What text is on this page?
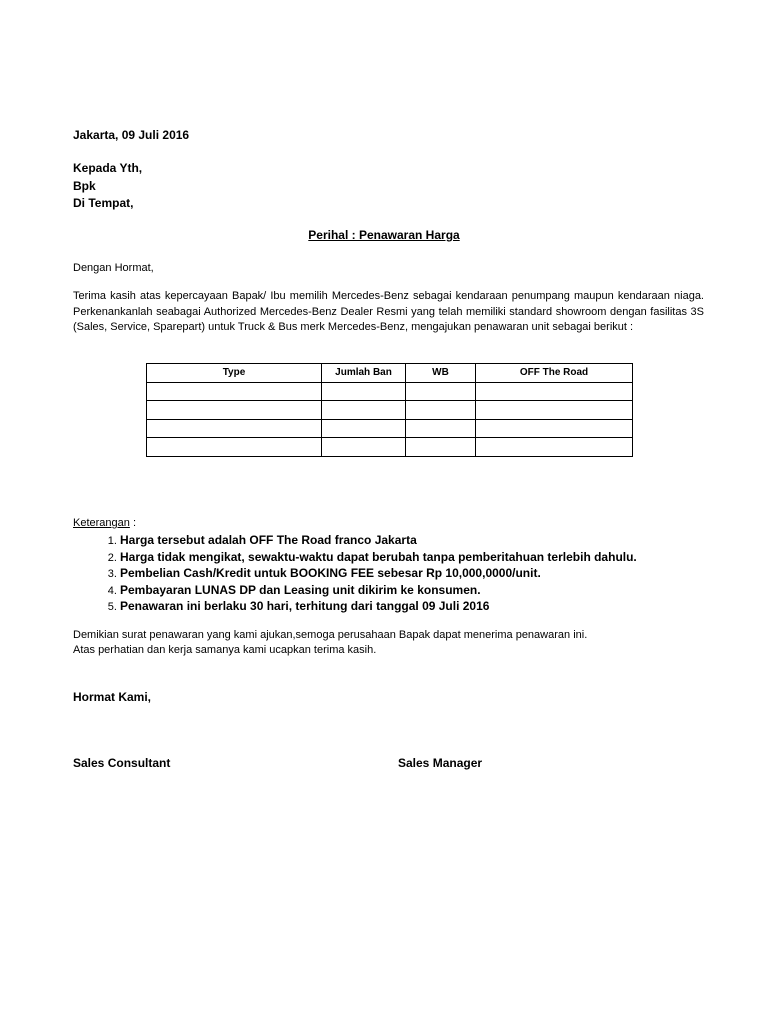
Jakarta, 09 Juli 2016
Kepada Yth,
Bpk
Di Tempat,
Perihal : Penawaran Harga
Dengan Hormat,
Terima kasih atas kepercayaan Bapak/ Ibu memilih Mercedes-Benz sebagai kendaraan penumpang maupun kendaraan niaga. Perkenankanlah seabagai Authorized Mercedes-Benz Dealer Resmi yang telah memiliki standard showroom dengan fasilitas 3S (Sales, Service, Sparepart) untuk Truck & Bus merk Mercedes-Benz, mengajukan penawaran unit sebagai berikut :
Type	Jumlah Ban	WB	OFF The Road

Keterangan :
1. Harga tersebut adalah OFF The Road franco Jakarta
2. Harga tidak mengikat, sewaktu-waktu dapat berubah tanpa pemberitahuan terlebih dahulu.
3. Pembelian Cash/Kredit untuk BOOKING FEE sebesar Rp 10,000,0000/unit.
4. Pembayaran LUNAS DP dan Leasing unit dikirim ke konsumen.
5. Penawaran ini berlaku 30 hari, terhitung dari tanggal 09 Juli 2016
Demikian surat penawaran yang kami ajukan,semoga perusahaan Bapak dapat menerima penawaran ini.
Atas perhatian dan kerja samanya kami ucapkan terima kasih.
Hormat Kami,
Sales Consultant	Sales Manager
